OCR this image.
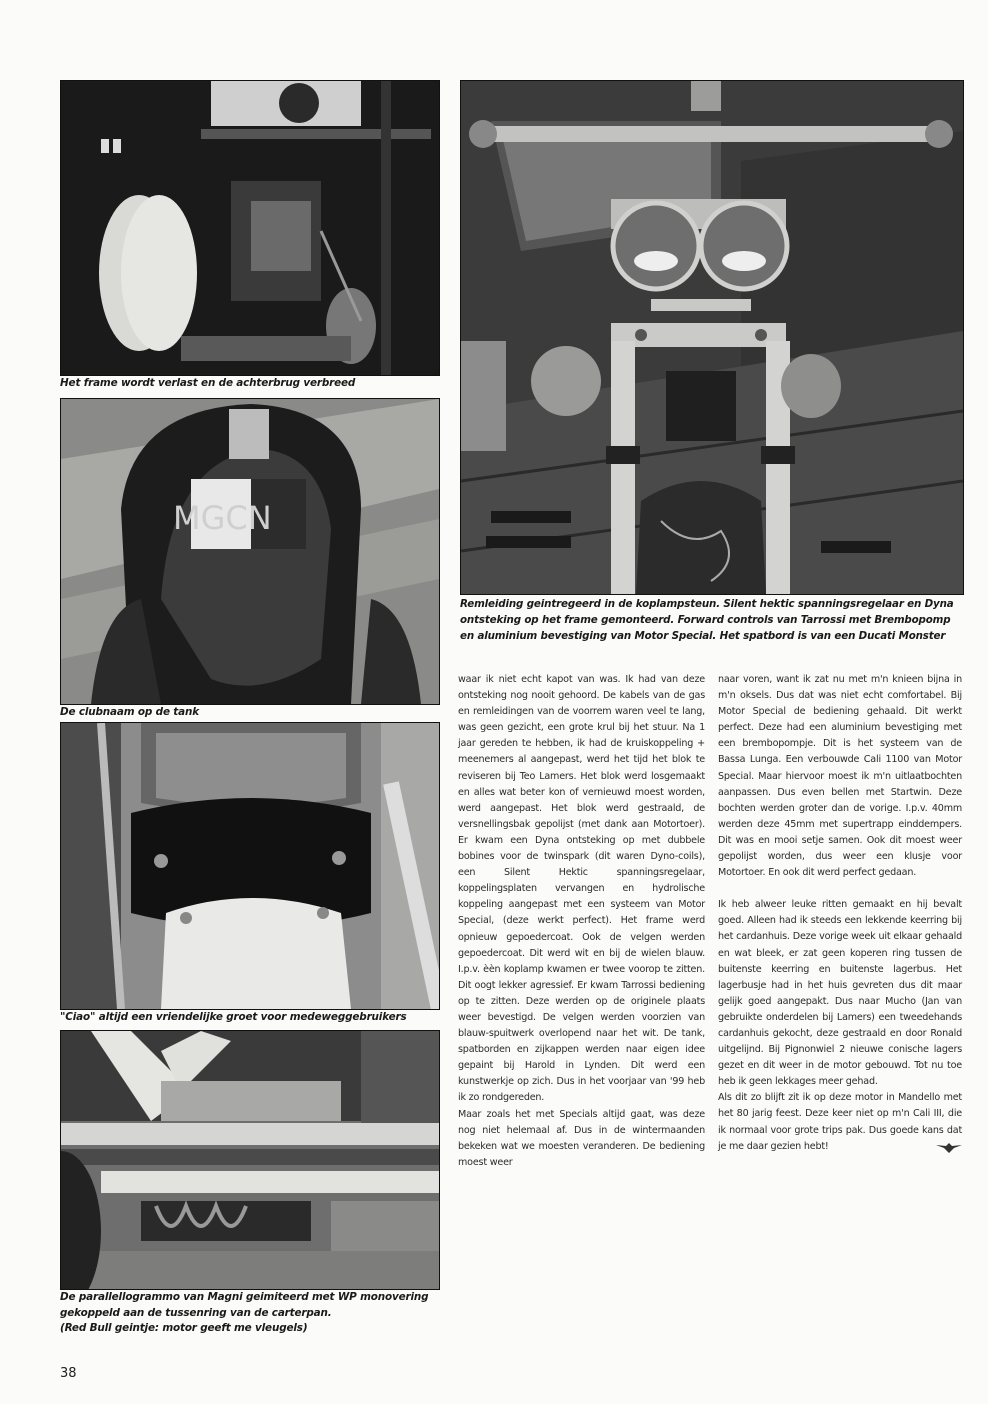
Het frame wordt verlast en de achterbrug verbreed
MGCN
De clubnaam op de tank
"Ciao" altijd een vriendelijke groet voor medeweggebruikers
De parallellogrammo van Magni geimiteerd met WP monovering
gekoppeld aan de tussenring van de carterpan.
(Red Bull geintje: motor geeft me vleugels)
Remleiding geintregeerd in de koplampsteun. Silent hektic spanningsregelaar en Dyna
ontsteking op het frame gemonteerd. Forward controls van Tarrossi met Brembopomp
en aluminium bevestiging van Motor Special. Het spatbord is van een Ducati Monster

waar ik niet echt kapot van was. Ik had van deze ontsteking nog nooit gehoord. De kabels van de gas en remleidingen van de voorrem waren veel te lang, was geen gezicht, een grote krul bij het stuur. Na 1 jaar gereden te hebben, ik had de kruiskoppeling + meenemers al aangepast, werd het tijd het blok te reviseren bij Teo Lamers. Het blok werd losgemaakt en alles wat beter kon of vernieuwd moest worden, werd aangepast. Het blok werd gestraald, de versnellingsbak gepolijst (met dank aan Motortoer). Er kwam een Dyna ontsteking op met dubbele bobines voor de twinspark (dit waren Dyno-coils), een Silent Hektic spanningsregelaar, koppelingsplaten vervangen en hydrolische koppeling aangepast met een systeem van Motor Special, (deze werkt perfect). Het frame werd opnieuw gepoedercoat. Ook de velgen werden gepoedercoat. Dit werd wit en bij de wielen blauw. I.p.v. èèn koplamp kwamen er twee voorop te zitten. Dit oogt lekker agressief. Er kwam Tarrossi bediening op te zitten. Deze werden op de originele plaats weer bevestigd. De velgen werden voorzien van blauw-spuitwerk overlopend naar het wit. De tank, spatborden en zijkappen werden naar eigen idee gepaint bij Harold in Lynden. Dit werd een kunstwerkje op zich. Dus in het voorjaar van '99 heb ik zo rondgereden.

Maar zoals het met Specials altijd gaat, was deze nog niet helemaal af. Dus in de wintermaanden bekeken wat we moesten veranderen. De bediening moest weer

naar voren, want ik zat nu met m'n knieen bijna in m'n oksels. Dus dat was niet echt comfortabel. Bij Motor Special de bediening gehaald. Dit werkt perfect. Deze had een aluminium bevestiging met een brembopompje. Dit is het systeem van de Bassa Lunga. Een verbouwde Cali 1100 van Motor Special. Maar hiervoor moest ik m'n uitlaatbochten aanpassen. Dus even bellen met Startwin. Deze bochten werden groter dan de vorige. I.p.v. 40mm werden deze 45mm met supertrapp einddempers. Dit was en mooi setje samen. Ook dit moest weer gepolijst worden, dus weer een klusje voor Motortoer. En ook dit werd perfect gedaan.

Ik heb alweer leuke ritten gemaakt en hij bevalt goed. Alleen had ik steeds een lekkende keerring bij het cardanhuis. Deze vorige week uit elkaar gehaald en wat bleek, er zat geen koperen ring tussen de buitenste keerring en buitenste lagerbus. Het lagerbusje had in het huis gevreten dus dit maar gelijk goed aangepakt. Dus naar Mucho (Jan van gebruikte onderdelen bij Lamers) een tweedehands cardanhuis gekocht, deze gestraald en door Ronald uitgelijnd. Bij Pignonwiel 2 nieuwe conische lagers gezet en dit weer in de motor gebouwd. Tot nu toe heb ik geen lekkages meer gehad.

Als dit zo blijft zit ik op deze motor in Mandello met het 80 jarig feest. Deze keer niet op m'n Cali III, die ik normaal voor grote trips pak. Dus goede kans dat je me daar gezien hebt!

38
